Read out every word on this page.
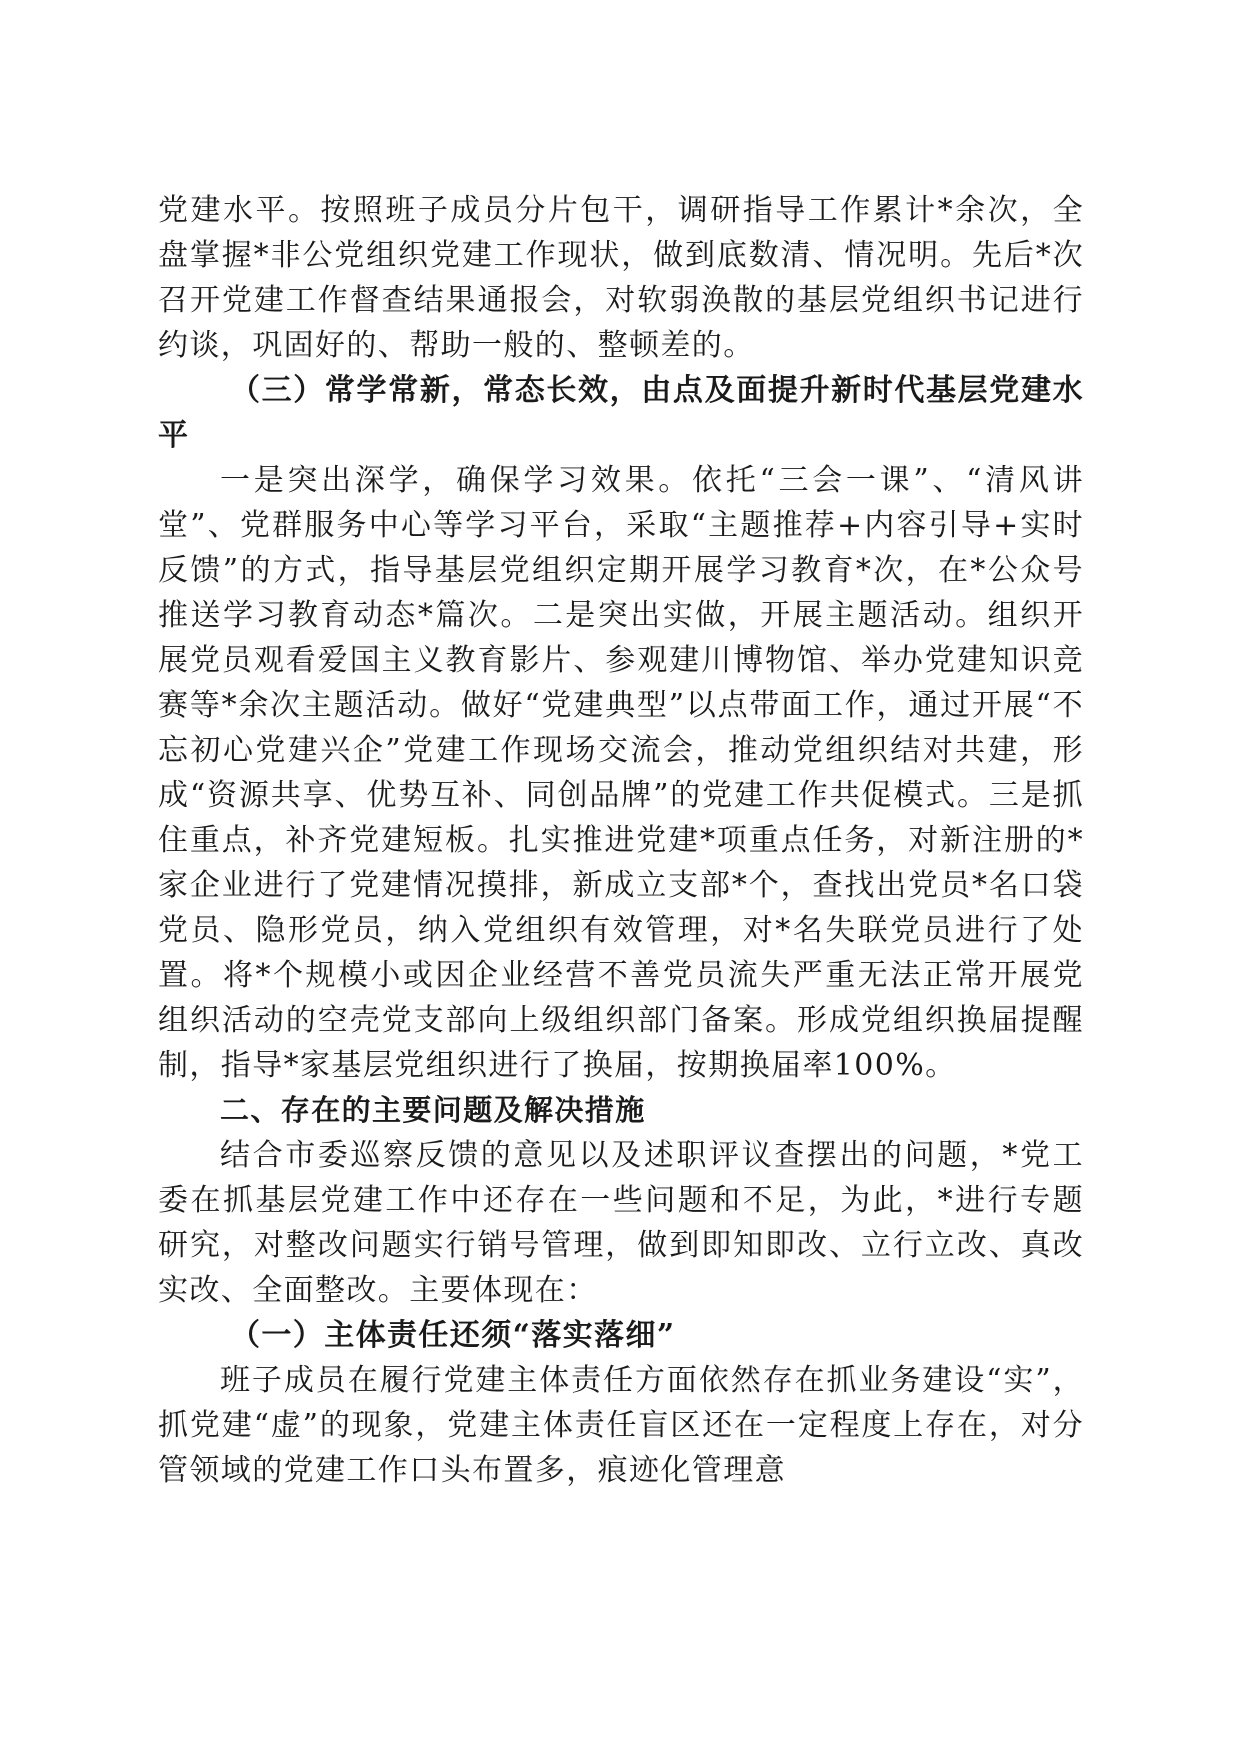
党建水平。按照班子成员分片包干，调研指导工作累计*余次，全盘掌握*非公党组织党建工作现状，做到底数清、情况明。先后*次召开党建工作督查结果通报会，对软弱涣散的基层党组织书记进行约谈，巩固好的、帮助一般的、整顿差的。

（三）常学常新，常态长效，由点及面提升新时代基层党建水平

一是突出深学，确保学习效果。依托“三会一课”、“清风讲堂”、党群服务中心等学习平台，采取“主题推荐+内容引导+实时反馈”的方式，指导基层党组织定期开展学习教育*次，在*公众号推送学习教育动态*篇次。二是突出实做，开展主题活动。组织开展党员观看爱国主义教育影片、参观建川博物馆、举办党建知识竞赛等*余次主题活动。做好“党建典型”以点带面工作，通过开展“不忘初心党建兴企”党建工作现场交流会，推动党组织结对共建，形成“资源共享、优势互补、同创品牌”的党建工作共促模式。三是抓住重点，补齐党建短板。扎实推进党建*项重点任务，对新注册的*家企业进行了党建情况摸排，新成立支部*个，查找出党员*名口袋党员、隐形党员，纳入党组织有效管理，对*名失联党员进行了处置。将*个规模小或因企业经营不善党员流失严重无法正常开展党组织活动的空壳党支部向上级组织部门备案。形成党组织换届提醒制，指导*家基层党组织进行了换届，按期换届率100%。

二、存在的主要问题及解决措施

结合市委巡察反馈的意见以及述职评议查摆出的问题，*党工委在抓基层党建工作中还存在一些问题和不足，为此，*进行专题研究，对整改问题实行销号管理，做到即知即改、立行立改、真改实改、全面整改。主要体现在：

（一）主体责任还须“落实落细”

班子成员在履行党建主体责任方面依然存在抓业务建设“实”，抓党建“虚”的现象，党建主体责任盲区还在一定程度上存在，对分管领域的党建工作口头布置多，痕迹化管理意
